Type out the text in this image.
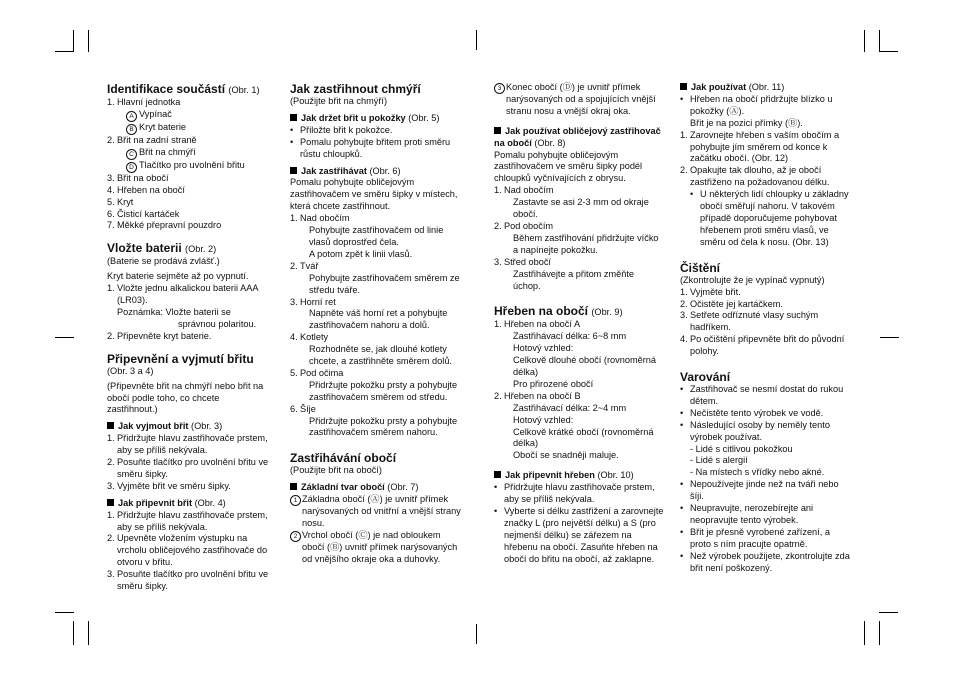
Identifikace součástí (Obr. 1)
1. Hlavní jednotka
A Vypínač
B Kryt baterie
2. Břit na zadní straně
C Břit na chmýří
D Tlačítko pro uvolnění břitu
3. Břit na obočí
4. Hřeben na obočí
5. Kryt
6. Čisticí kartáček
7. Měkké přepravní pouzdro
Vložte baterii (Obr. 2)

(Baterie se prodává zvlášť.)

Kryt baterie sejměte až po vypnutí.

1. Vložte jednu alkalickou baterii AAA (LR03).
Poznámka: Vložte baterii se
správnou polaritou.
2. Připevněte kryt baterie.
Připevnění a vyjmutí břitu

(Obr. 3 a 4)

(Připevněte břit na chmýří nebo břit na obočí podle toho, co chcete zastřihnout.)

Jak vyjmout břit (Obr. 3)
1. Přidržujte hlavu zastřihovače prstem, aby se příliš nekývala.
2. Posuňte tlačítko pro uvolnění břitu ve směru šipky.
3. Vyjměte břit ve směru šipky.
Jak připevnit břit (Obr. 4)
1. Přidržujte hlavu zastřihovače prstem, aby se příliš nekývala.
2. Upevněte vložením výstupku na vrcholu obličejového zastřihovače do otvoru v břitu.
3. Posuňte tlačítko pro uvolnění břitu ve směru šipky.
Jak zastřihnout chmýří

(Použijte břit na chmýří)

Jak držet břit u pokožky (Obr. 5)
• Přiložte břit k pokožce.
• Pomalu pohybujte břitem proti směru růstu chloupků.
Jak zastřihávat (Obr. 6)

Pomalu pohybujte obličejovým zastřihovačem ve směru šipky v místech, která chcete zastřihnout.

1. Nad obočím

Pohybujte zastřihovačem od linie vlasů doprostřed čela.
A potom zpět k linii vlasů.
2. Tvář
Pohybujte zastřihovačem směrem ze středu tváře.
3. Horní ret
Napněte váš horní ret a pohybujte zastřihovačem nahoru a dolů.
4. Kotlety
Rozhodněte se, jak dlouhé kotlety chcete, a zastřihněte směrem dolů.
5. Pod očima
Přidržujte pokožku prsty a pohybujte zastřihovačem směrem od středu.
6. Šíje
Přidržujte pokožku prsty a pohybujte zastřihovačem směrem nahoru.
Zastřihávání obočí

(Použijte břit na obočí)

Základní tvar obočí (Obr. 7)
1 Základna obočí (Ⓐ) je uvnitř přímek narýsovaných od vnitřní a vnější strany nosu.
2 Vrchol obočí (Ⓒ) je nad obloukem obočí (Ⓑ) uvnitř přímek narýsovaných od vnějšího okraje oka a duhovky.
3 Konec obočí (Ⓓ) je uvnitř přímek narýsovaných od a spojujících vnější stranu nosu a vnější okraj oka.
Jak používat obličejový zastřihovač na obočí (Obr. 8)

Pomalu pohybujte obličejovým zastřihovačem ve směru šipky podél chloupků vyčnívajících z obrysu.

1. Nad obočím
Zastavte se asi 2-3 mm od okraje obočí.
2. Pod obočím
Během zastřihování přidržujte víčko a napínejte pokožku.
3. Střed obočí
Zastřihávejte a přitom změňte úchop.
Hřeben na obočí (Obr. 9)
1. Hřeben na obočí A
Zastřihávací délka: 6~8 mm
Hotový vzhled:
Celkově dlouhé obočí (rovnoměrná délka)
Pro přirozené obočí
2. Hřeben na obočí B
Zastřihávací délka: 2~4 mm
Hotový vzhled:
Celkově krátké obočí (rovnoměrná délka)
Obočí se snadněji maluje.
Jak připevnit hřeben (Obr. 10)
• Přidržujte hlavu zastřihovače prstem, aby se příliš nekývala.
• Vyberte si délku zastřižení a zarovnejte značky L (pro největší délku) a S (pro nejmenší délku) se zářezem na hřebenu na obočí. Zasuňte hřeben na obočí do břitu na obočí, až zaklapne.
Jak používat (Obr. 11)
• Hřeben na obočí přidržujte blízko u pokožky (Ⓐ).
Břit je na pozici přímky (Ⓑ).
1. Zarovnejte hřeben s vaším obočím a pohybujte jím směrem od konce k začátku obočí. (Obr. 12)
2. Opakujte tak dlouho, až je obočí zastřiženo na požadovanou délku.
• U některých lidí chloupky u základny obočí směřují nahoru. V takovém případě doporučujeme pohybovat hřebenem proti směru vlasů, ve směru od čela k nosu. (Obr. 13)
Čištění

(Zkontrolujte že je vypínač vypnutý)

1. Vyjměte břit.
2. Očistěte jej kartáčkem.
3. Setřete odříznuté vlasy suchým hadříkem.
4. Po očištění připevněte břit do původní polohy.
Varování
• Zastřihovač se nesmí dostat do rukou dětem.
• Nečistěte tento výrobek ve vodě.
• Následující osoby by neměly tento výrobek používat.
- Lidé s citlivou pokožkou
- Lidé s alergií
- Na místech s vřídky nebo akné.
• Nepoužívejte jinde než na tváři nebo šíji.
• Neupravujte, nerozebírejte ani neopravujte tento výrobek.
• Břit je přesně vyrobené zařízení, a proto s ním pracujte opatrně.
• Než výrobek použijete, zkontrolujte zda břit není poškozený.
